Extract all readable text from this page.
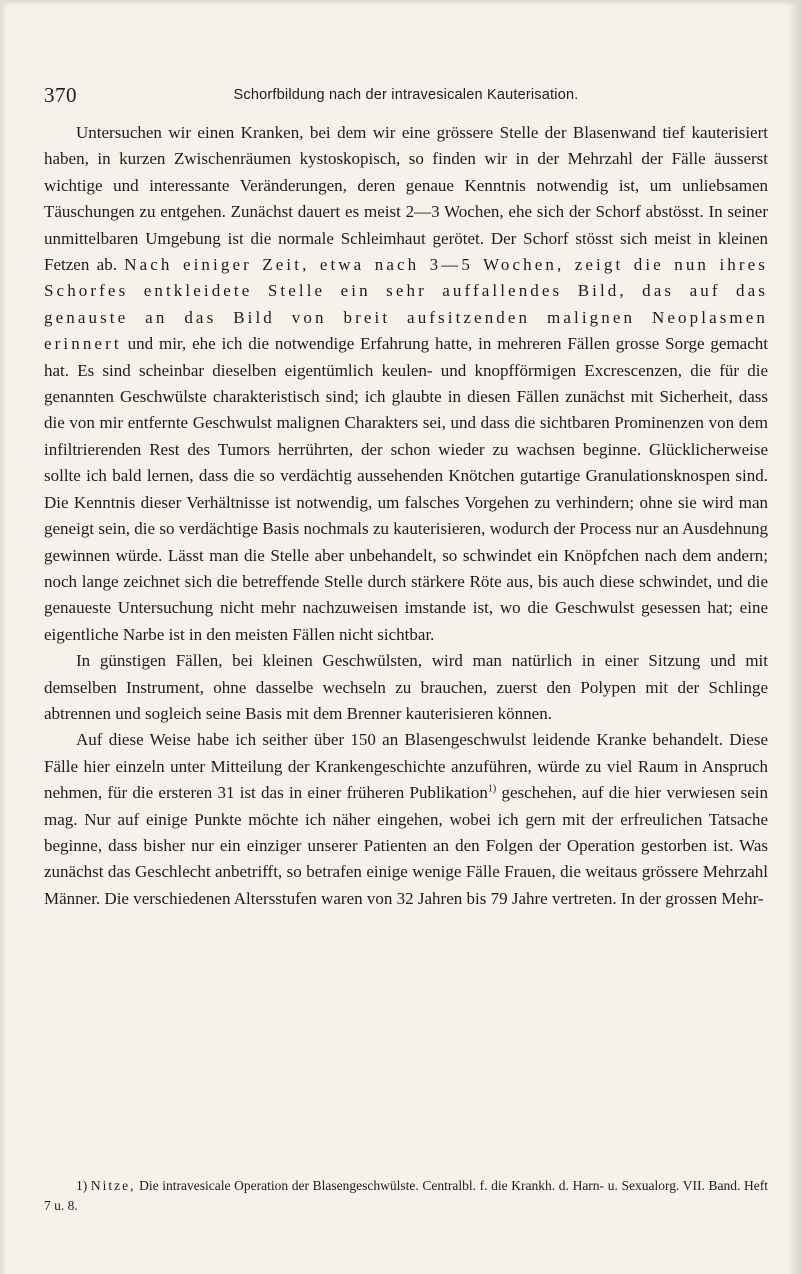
370	Schorfbildung nach der intravesicalen Kauterisation.

Untersuchen wir einen Kranken, bei dem wir eine grössere Stelle der Blasenwand tief kauterisiert haben, in kurzen Zwischenräumen kystoskopisch, so finden wir in der Mehrzahl der Fälle äusserst wichtige und interessante Veränderungen, deren genaue Kenntnis notwendig ist, um unliebsamen Täuschungen zu entgehen. Zunächst dauert es meist 2—3 Wochen, ehe sich der Schorf abstösst. In seiner unmittelbaren Umgebung ist die normale Schleimhaut gerötet. Der Schorf stösst sich meist in kleinen Fetzen ab. Nach einiger Zeit, etwa nach 3—5 Wochen, zeigt die nun ihres Schorfes entkleidete Stelle ein sehr auffallendes Bild, das auf das genauste an das Bild von breit aufsitzenden malignen Neoplasmen erinnert und mir, ehe ich die notwendige Erfahrung hatte, in mehreren Fällen grosse Sorge gemacht hat. Es sind scheinbar dieselben eigentümlich keulen- und knopfförmigen Excrescenzen, die für die genannten Geschwülste charakteristisch sind; ich glaubte in diesen Fällen zunächst mit Sicherheit, dass die von mir entfernte Geschwulst malignen Charakters sei, und dass die sichtbaren Prominenzen von dem infiltrierenden Rest des Tumors herrührten, der schon wieder zu wachsen beginne. Glücklicherweise sollte ich bald lernen, dass die so verdächtig aussehenden Knötchen gutartige Granulationsknospen sind. Die Kenntnis dieser Verhältnisse ist notwendig, um falsches Vorgehen zu verhindern; ohne sie wird man geneigt sein, die so verdächtige Basis nochmals zu kauterisieren, wodurch der Process nur an Ausdehnung gewinnen würde. Lässt man die Stelle aber unbehandelt, so schwindet ein Knöpfchen nach dem andern; noch lange zeichnet sich die betreffende Stelle durch stärkere Röte aus, bis auch diese schwindet, und die genaueste Untersuchung nicht mehr nachzuweisen imstande ist, wo die Geschwulst gesessen hat; eine eigentliche Narbe ist in den meisten Fällen nicht sichtbar.

In günstigen Fällen, bei kleinen Geschwülsten, wird man natürlich in einer Sitzung und mit demselben Instrument, ohne dasselbe wechseln zu brauchen, zuerst den Polypen mit der Schlinge abtrennen und sogleich seine Basis mit dem Brenner kauterisieren können.

Auf diese Weise habe ich seither über 150 an Blasengeschwulst leidende Kranke behandelt. Diese Fälle hier einzeln unter Mitteilung der Krankengeschichte anzuführen, würde zu viel Raum in Anspruch nehmen, für die ersteren 31 ist das in einer früheren Publikation$^{1)}$ geschehen, auf die hier verwiesen sein mag. Nur auf einige Punkte möchte ich näher eingehen, wobei ich gern mit der erfreulichen Tatsache beginne, dass bisher nur ein einziger unserer Patienten an den Folgen der Operation gestorben ist. Was zunächst das Geschlecht anbetrifft, so betrafen einige wenige Fälle Frauen, die weitaus grössere Mehrzahl Männer. Die verschiedenen Altersstufen waren von 32 Jahren bis 79 Jahre vertreten. In der grossen Mehr-

1) Nitze, Die intravesicale Operation der Blasengeschwülste. Centralbl. f. die Krankh. d. Harn- u. Sexualorg. VII. Band. Heft 7 u. 8.
